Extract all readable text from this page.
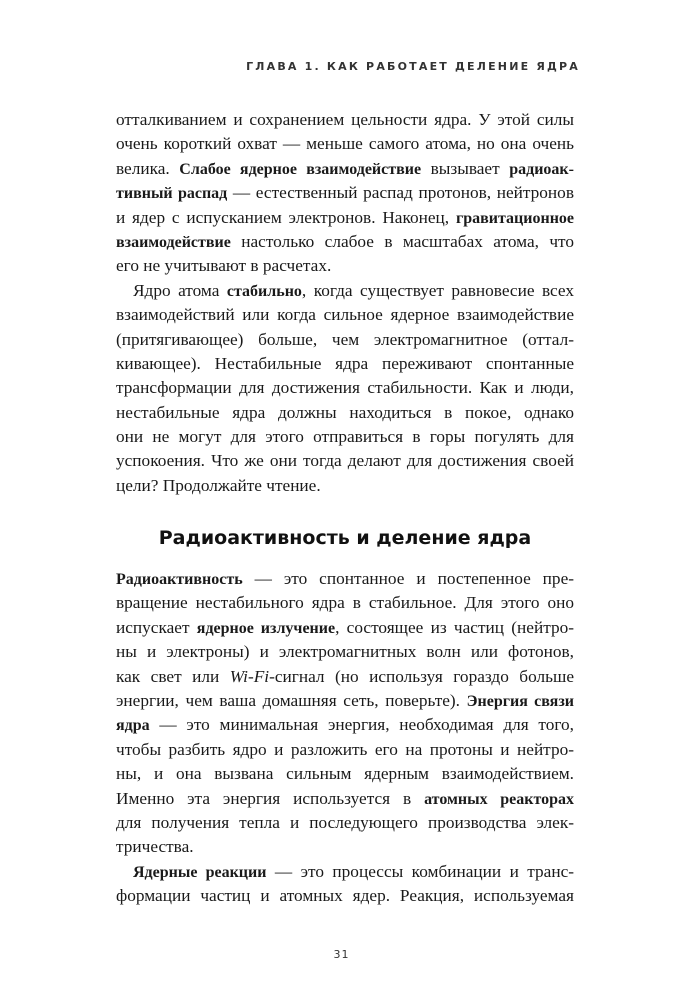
ГЛАВА 1. КАК РАБОТАЕТ ДЕЛЕНИЕ ЯДРА
отталкиванием и сохранением цельности ядра. У этой силы
очень короткий охват — меньше самого атома, но она очень
велика. Слабое ядерное взаимодействие вызывает радиоак-
тивный распад — естественный распад протонов, нейтронов
и ядер с испусканием электронов. Наконец, гравитационное
взаимодействие настолько слабое в масштабах атома, что
его не учитывают в расчетах.
Ядро атома стабильно, когда существует равновесие всех
взаимодействий или когда сильное ядерное взаимодействие
(притягивающее) больше, чем электромагнитное (оттал-
кивающее). Нестабильные ядра переживают спонтанные
трансформации для достижения стабильности. Как и люди,
нестабильные ядра должны находиться в покое, однако
они не могут для этого отправиться в горы погулять для
успокоения. Что же они тогда делают для достижения своей
цели? Продолжайте чтение.
Радиоактивность и деление ядра
Радиоактивность — это спонтанное и постепенное пре-
вращение нестабильного ядра в стабильное. Для этого оно
испускает ядерное излучение, состоящее из частиц (нейтро-
ны и электроны) и электромагнитных волн или фотонов,
как свет или Wi-Fi-сигнал (но используя гораздо больше
энергии, чем ваша домашняя сеть, поверьте). Энергия связи
ядра — это минимальная энергия, необходимая для того,
чтобы разбить ядро и разложить его на протоны и нейтро-
ны, и она вызвана сильным ядерным взаимодействием.
Именно эта энергия используется в атомных реакторах
для получения тепла и последующего производства элек-
тричества.
Ядерные реакции — это процессы комбинации и транс-
формации частиц и атомных ядер. Реакция, используемая
31
